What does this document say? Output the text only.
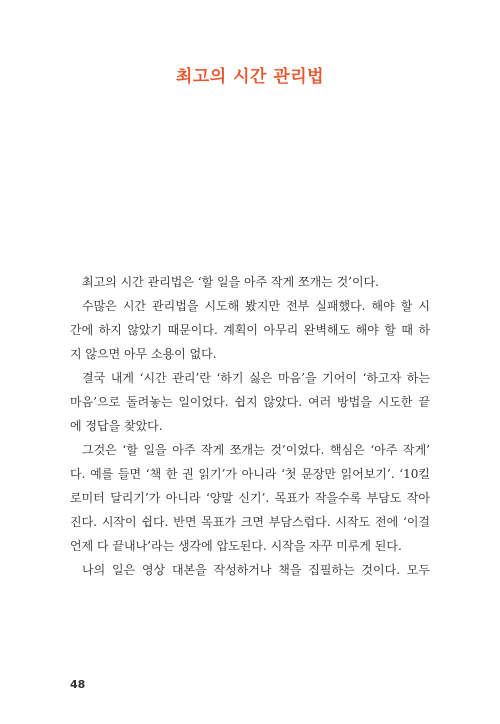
최고의 시간 관리법
최고의 시간 관리법은 ‘할 일을 아주 작게 쪼개는 것’이다.
수많은 시간 관리법을 시도해 봤지만 전부 실패했다. 해야 할 시
간에 하지 않았기 때문이다. 계획이 아무리 완벽해도 해야 할 때 하
지 않으면 아무 소용이 없다.
결국 내게 ‘시간 관리’란 ‘하기 싫은 마음’을 기어이 ‘하고자 하는
마음’으로 돌려놓는 일이었다. 쉽지 않았다. 여러 방법을 시도한 끝
에 정답을 찾았다.
그것은 ‘할 일을 아주 작게 쪼개는 것’이었다. 핵심은 ‘아주 작게’
다. 예를 들면 ‘책 한 권 읽기’가 아니라 ‘첫 문장만 읽어보기’. ‘10킬
로미터 달리기’가 아니라 ‘양말 신기’. 목표가 작을수록 부담도 작아
진다. 시작이 쉽다. 반면 목표가 크면 부담스럽다. 시작도 전에 ‘이걸
언제 다 끝내나’라는 생각에 압도된다. 시작을 자꾸 미루게 된다.
나의 일은 영상 대본을 작성하거나 책을 집필하는 것이다. 모두
48
